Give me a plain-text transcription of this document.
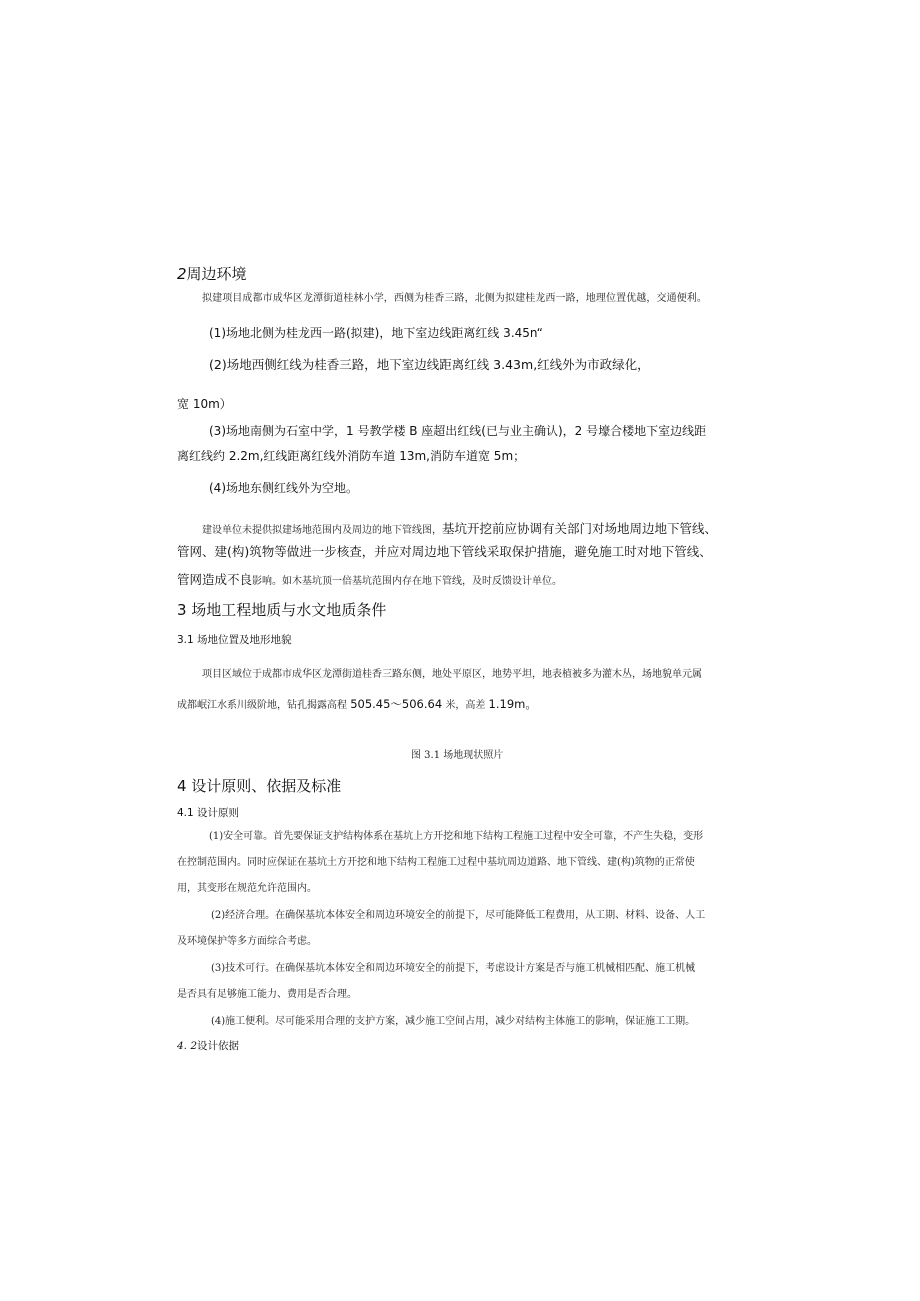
2周边环境
拟建项目成都市成华区龙潭街道桂林小学，西侧为桂香三路，北侧为拟建桂龙西一路，地理位置优越，交通便利。
(1)场地北侧为桂龙西一路(拟建)，地下室边线距离红线 3.45n“
(2)场地西侧红线为桂香三路，地下室边线距离红线 3.43m,红线外为市政绿化，
宽 10m）
(3)场地南侧为石室中学，1 号教学楼 B 座超出红线(已与业主确认)，2 号壕合楼地下室边线距
离红线约 2.2m,红线距离红线外消防车道 13m,消防车道宽 5m；
(4)场地东侧红线外为空地。
建设单位未提供拟建场地范围内及周边的地下管线图，基坑开挖前应协调有关部门对场地周边地下管线、
管网、建(构)筑物等做进一步核查，并应对周边地下管线采取保护措施，避免施工时对地下管线、
管网造成不良影响。如木基坑顶一倍基坑范围内存在地下管线，及时反馈设计单位。
3 场地工程地质与水文地质条件
3.1 场地位置及地形地貌
项目区域位于成都市成华区龙潭街道桂香三路东侧，地处平原区，地势平坦，地表植被多为灌木丛，场地貌单元属
成都岷江水系川级阶地，钻孔揭露高程 505.45～506.64 米，高差 1.19m。
图 3.1 场地现状照片
4 设计原则、依据及标准
4.1 设计原则
(1)安全可靠。首先要保证支护结构体系在基坑上方开挖和地下结构工程施工过程中安全可靠，不产生失稳，变形
在控制范围内。同时应保证在基坑土方开挖和地下结构工程施工过程中基坑周边道路、地下管线、建(构)筑物的正常使
用，其变形在规范允许范围内。
(2)经济合理。在确保基坑本体安全和周边环境安全的前提下，尽可能降低工程费用，从工期、材料、设备、人工
及环境保护等多方面综合考虑。
(3)技术可行。在确保基坑本体安全和周边环境安全的前提下，考虑设计方案是否与施工机械相匹配、施工机械
是否具有足够施工能力、费用是否合理。
(4)施工便利。尽可能采用合理的支护方案，减少施工空间占用，减少对结构主体施工的影响，保证施工工期。
4. 2设计依据
